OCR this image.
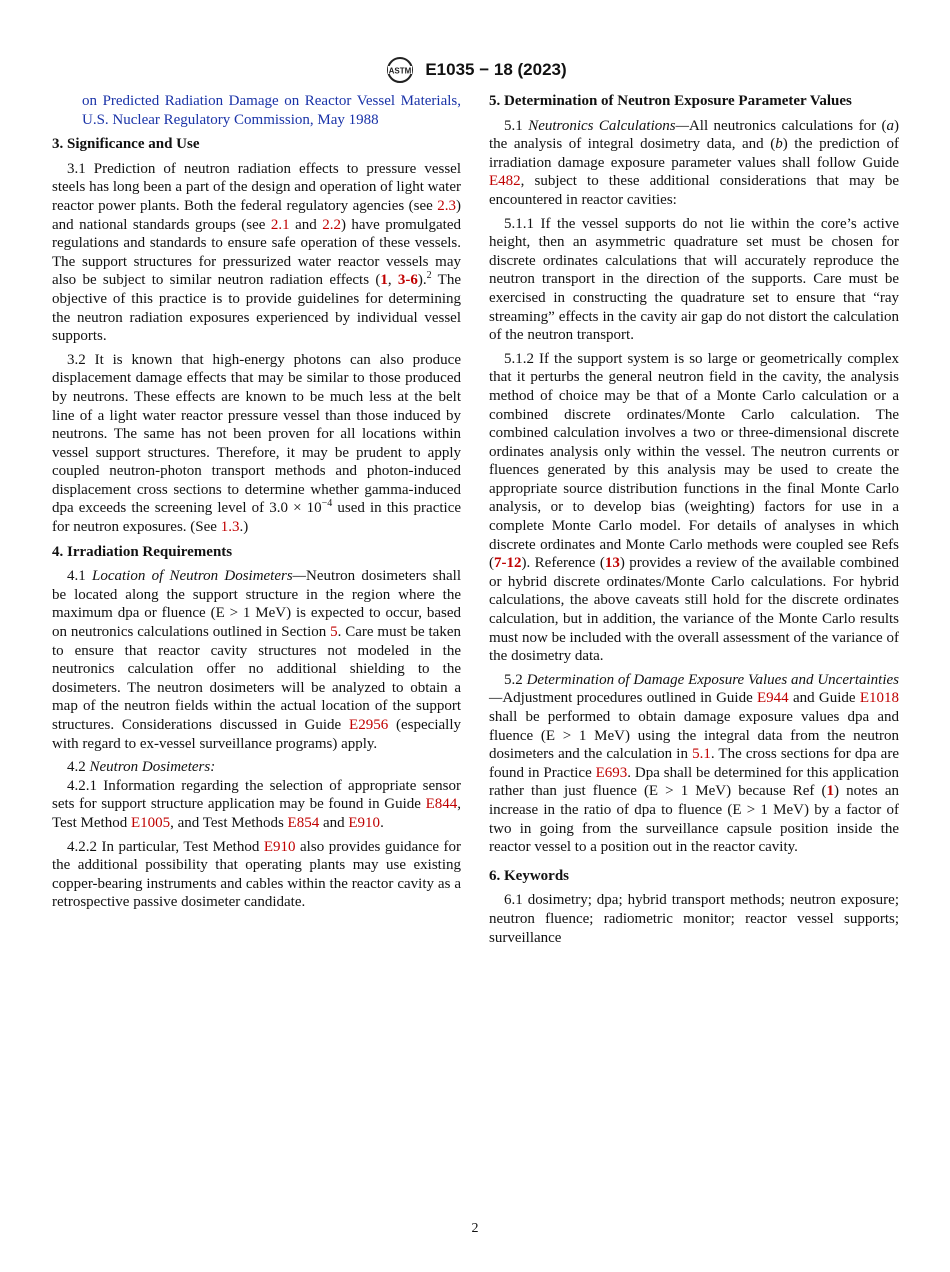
ASTM E1035 − 18 (2023)

on Predicted Radiation Damage on Reactor Vessel Materials, U.S. Nuclear Regulatory Commission, May 1988

3. Significance and Use

3.1 Prediction of neutron radiation effects to pressure vessel steels has long been a part of the design and operation of light water reactor power plants. Both the federal regulatory agencies (see 2.3) and national standards groups (see 2.1 and 2.2) have promulgated regulations and standards to ensure safe operation of these vessels. The support structures for pressurized water reactor vessels may also be subject to similar neutron radiation effects (1, 3-6).$^2$ The objective of this practice is to provide guidelines for determining the neutron radiation exposures experienced by individual vessel supports.

3.2 It is known that high-energy photons can also produce displacement damage effects that may be similar to those produced by neutrons. These effects are known to be much less at the belt line of a light water reactor pressure vessel than those induced by neutrons. The same has not been proven for all locations within vessel support structures. Therefore, it may be prudent to apply coupled neutron-photon transport methods and photon-induced displacement cross sections to determine whether gamma-induced dpa exceeds the screening level of $3.0 \times 10^{-4}$ used in this practice for neutron exposures. (See 1.3.)

4. Irradiation Requirements

4.1 Location of Neutron Dosimeters—Neutron dosimeters shall be located along the support structure in the region where the maximum dpa or fluence (E > 1 MeV) is expected to occur, based on neutronics calculations outlined in Section 5. Care must be taken to ensure that reactor cavity structures not modeled in the neutronics calculation offer no additional shielding to the dosimeters. The neutron dosimeters will be analyzed to obtain a map of the neutron fields within the actual location of the support structures. Considerations discussed in Guide E2956 (especially with regard to ex-vessel surveillance programs) apply.

4.2 Neutron Dosimeters:

4.2.1 Information regarding the selection of appropriate sensor sets for support structure application may be found in Guide E844, Test Method E1005, and Test Methods E854 and E910.

4.2.2 In particular, Test Method E910 also provides guidance for the additional possibility that operating plants may use existing copper-bearing instruments and cables within the reactor cavity as a retrospective passive dosimeter candidate.

5. Determination of Neutron Exposure Parameter Values

5.1 Neutronics Calculations—All neutronics calculations for (a) the analysis of integral dosimetry data, and (b) the prediction of irradiation damage exposure parameter values shall follow Guide E482, subject to these additional considerations that may be encountered in reactor cavities:

5.1.1 If the vessel supports do not lie within the core’s active height, then an asymmetric quadrature set must be chosen for discrete ordinates calculations that will accurately reproduce the neutron transport in the direction of the supports. Care must be exercised in constructing the quadrature set to ensure that “ray streaming” effects in the cavity air gap do not distort the calculation of the neutron transport.

5.1.2 If the support system is so large or geometrically complex that it perturbs the general neutron field in the cavity, the analysis method of choice may be that of a Monte Carlo calculation or a combined discrete ordinates/Monte Carlo calculation. The combined calculation involves a two or three-dimensional discrete ordinates analysis only within the vessel. The neutron currents or fluences generated by this analysis may be used to create the appropriate source distribution functions in the final Monte Carlo analysis, or to develop bias (weighting) factors for use in a complete Monte Carlo model. For details of analyses in which discrete ordinates and Monte Carlo methods were coupled see Refs (7-12). Reference (13) provides a review of the available combined or hybrid discrete ordinates/Monte Carlo calculations. For hybrid calculations, the above caveats still hold for the discrete ordinates calculation, but in addition, the variance of the Monte Carlo results must now be included with the overall assessment of the variance of the dosimetry data.

5.2 Determination of Damage Exposure Values and Uncertainties—Adjustment procedures outlined in Guide E944 and Guide E1018 shall be performed to obtain damage exposure values dpa and fluence (E > 1 MeV) using the integral data from the neutron dosimeters and the calculation in 5.1. The cross sections for dpa are found in Practice E693. Dpa shall be determined for this application rather than just fluence (E > 1 MeV) because Ref (1) notes an increase in the ratio of dpa to fluence (E > 1 MeV) by a factor of two in going from the surveillance capsule position inside the reactor vessel to a position out in the reactor cavity.

6. Keywords

6.1 dosimetry; dpa; hybrid transport methods; neutron exposure; neutron fluence; radiometric monitor; reactor vessel supports; surveillance

2
